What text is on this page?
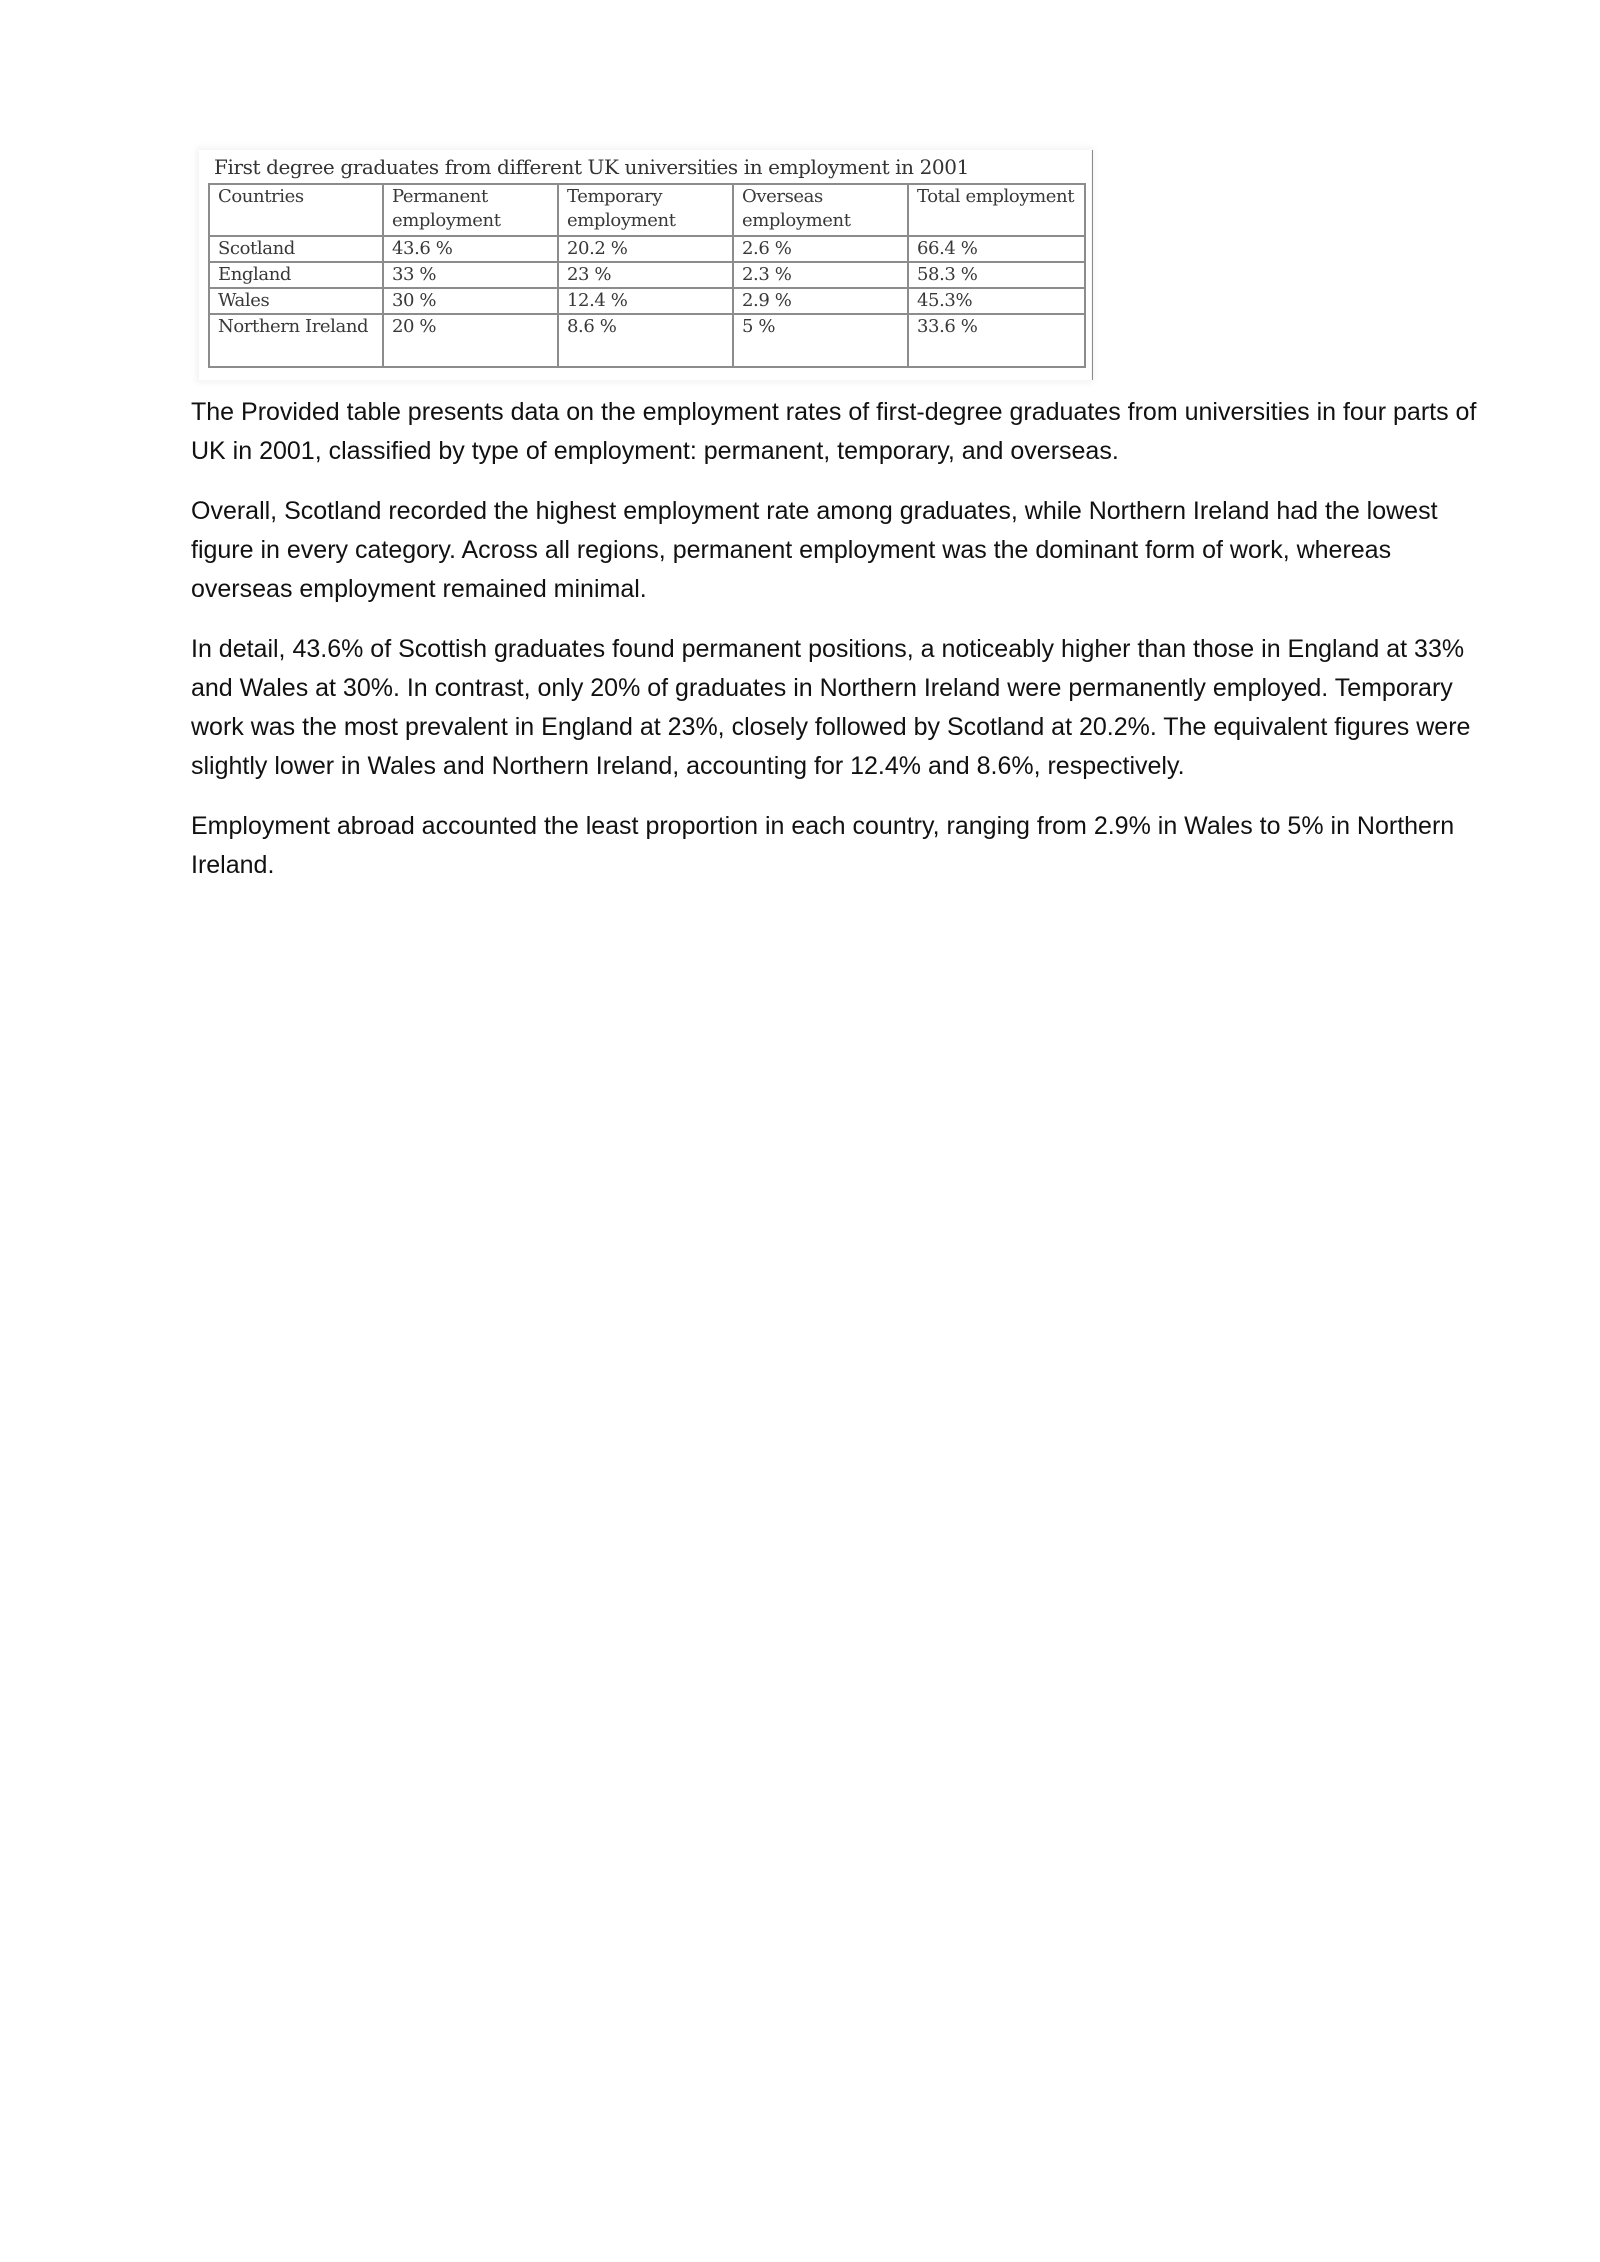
First degree graduates from different UK universities in employment in 2001
Countries	Permanent employment	Temporary employment	Overseas employment	Total employment
Scotland	43.6 %	20.2 %	2.6 %	66.4 %
England	33 %	23 %	2.3 %	58.3 %
Wales	30 %	12.4 %	2.9 %	45.3%
Northern Ireland	20 %	8.6 %	5 %	33.6 %

The Provided table presents data on the employment rates of first-degree graduates from universities in four parts of UK in 2001, classified by type of employment: permanent, temporary, and overseas.

Overall, Scotland recorded the highest employment rate among graduates, while Northern Ireland had the lowest figure in every category. Across all regions, permanent employment was the dominant form of work, whereas overseas employment remained minimal.

In detail, 43.6% of Scottish graduates found permanent positions, a noticeably higher than those in England at 33% and Wales at 30%. In contrast, only 20% of graduates in Northern Ireland were permanently employed. Temporary work was the most prevalent in England at 23%, closely followed by Scotland at 20.2%. The equivalent figures were slightly lower in Wales and Northern Ireland, accounting for 12.4% and 8.6%, respectively.

Employment abroad accounted the least proportion in each country, ranging from 2.9% in Wales to 5% in Northern Ireland.
